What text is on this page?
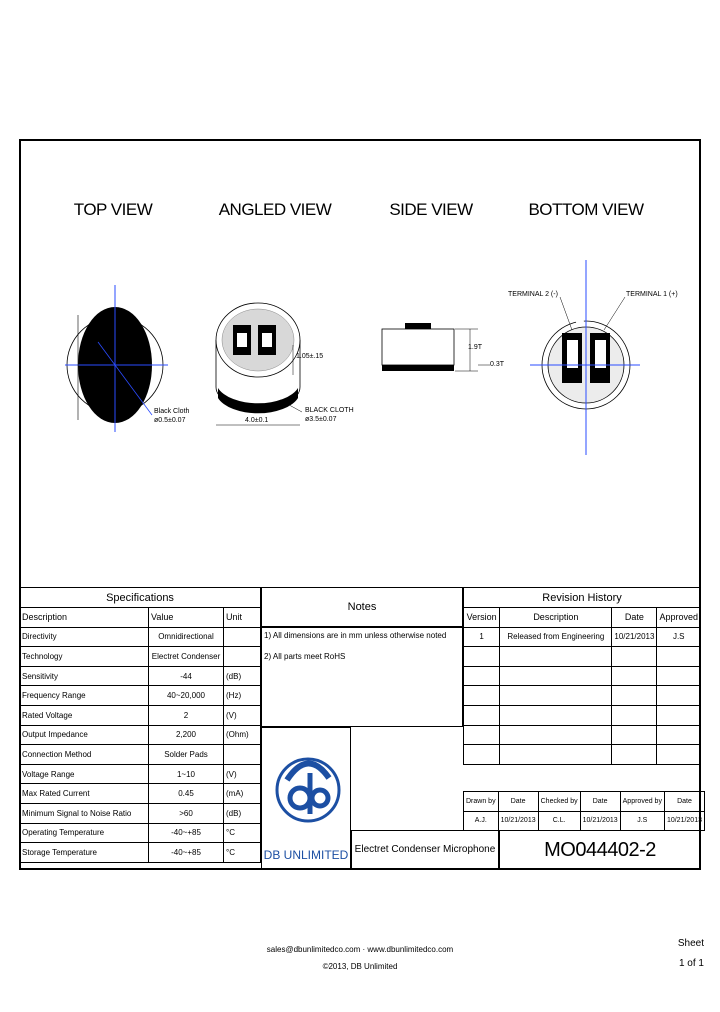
TOP VIEW	ANGLED VIEW	SIDE VIEW	BOTTOM VIEW
Black Cloth
ø0.5±0.07
1.05±.15
4.0±0.1
BLACK CLOTH
ø3.5±0.07
1.9T
0.3T
TERMINAL 2 (-)	TERMINAL 1 (+)
Specifications		
Description	Value	Unit
Directivity	Omnidirectional	
Technology	Electret Condenser	
Sensitivity	-44	(dB)
Frequency Range	40~20,000	(Hz)
Rated Voltage	2	(V)
Output Impedance	2,200	(Ohm)
Connection Method	Solder Pads	
Voltage Range	1~10	(V)
Max Rated Current	0.45	(mA)
Minimum Signal to Noise Ratio	>60	(dB)
Operating Temperature	-40~+85	°C
Storage Temperature	-40~+85	°C
Notes
1) All dimensions are in mm unless otherwise noted
2) All parts meet RoHS
DB UNLIMITED Electret Condenser Microphone	MO044402-2
Revision History			
Version	Description	Date	Approved
1	Released from Engineering	10/21/2013	J.S

Drawn by	Date	Checked by	Date	Approved by	Date
A.J.	10/21/2013	C.L.	10/21/2013	J.S	10/21/2013
sales@dbunlimitedco.com · www.dbunlimitedco.com
©2013, DB Unlimited
Sheet
1 of 1
